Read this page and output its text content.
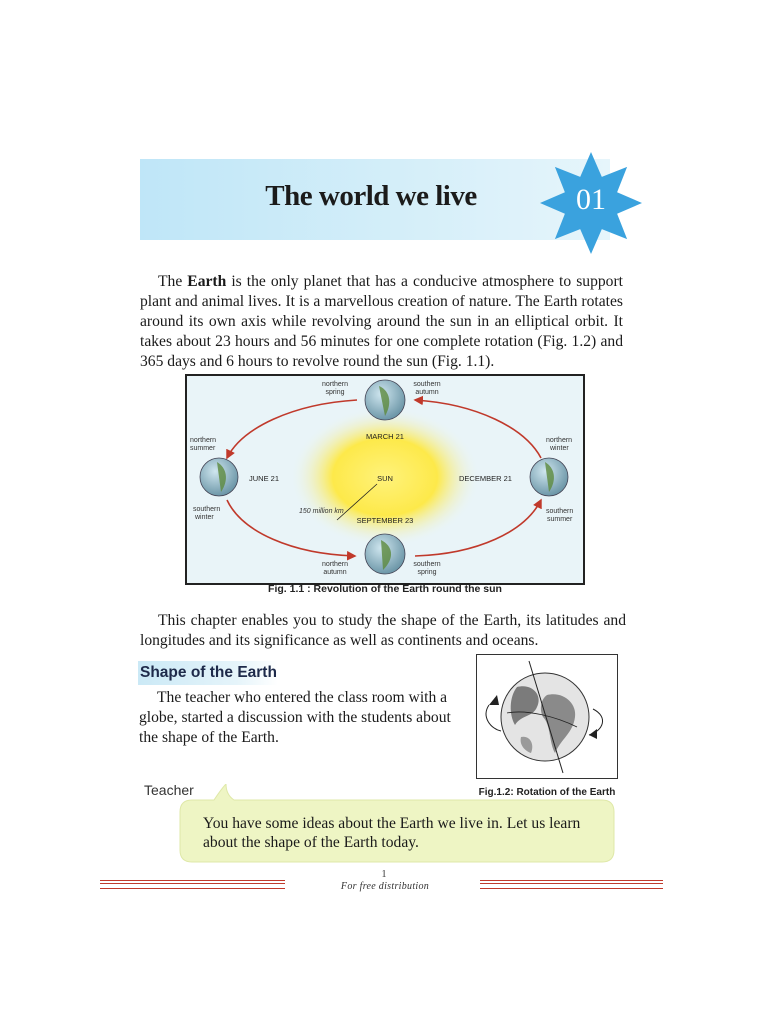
The world we live	01

The Earth is the only planet that has a conducive atmosphere to support plant and animal lives. It is a marvellous creation of nature. The Earth rotates around its own axis while revolving around the sun in an elliptical orbit. It takes about 23 hours and 56 minutes for one complete rotation (Fig. 1.2) and 365 days and 6 hours to revolve round the sun (Fig. 1.1).

MARCH 21
JUNE 21	DECEMBER 21
SEPTEMBER 23
SUN
150 million km
northern
spring
southern
autumn
northern
summer
southern
winter
northern
winter
southern
summer
northern
autumn
southern
spring
Fig. 1.1 : Revolution of the Earth round the sun

This chapter enables you to study the shape of the Earth, its latitudes and longitudes and its significance as well as continents and oceans.

Shape of the Earth

The teacher who entered the class room with a globe, started a discussion with the students about the shape of the Earth.

Fig.1.2: Rotation of the Earth
Teacher
You have some ideas about the Earth we live in. Let us learn about the shape of the Earth today.
1
For free distribution
